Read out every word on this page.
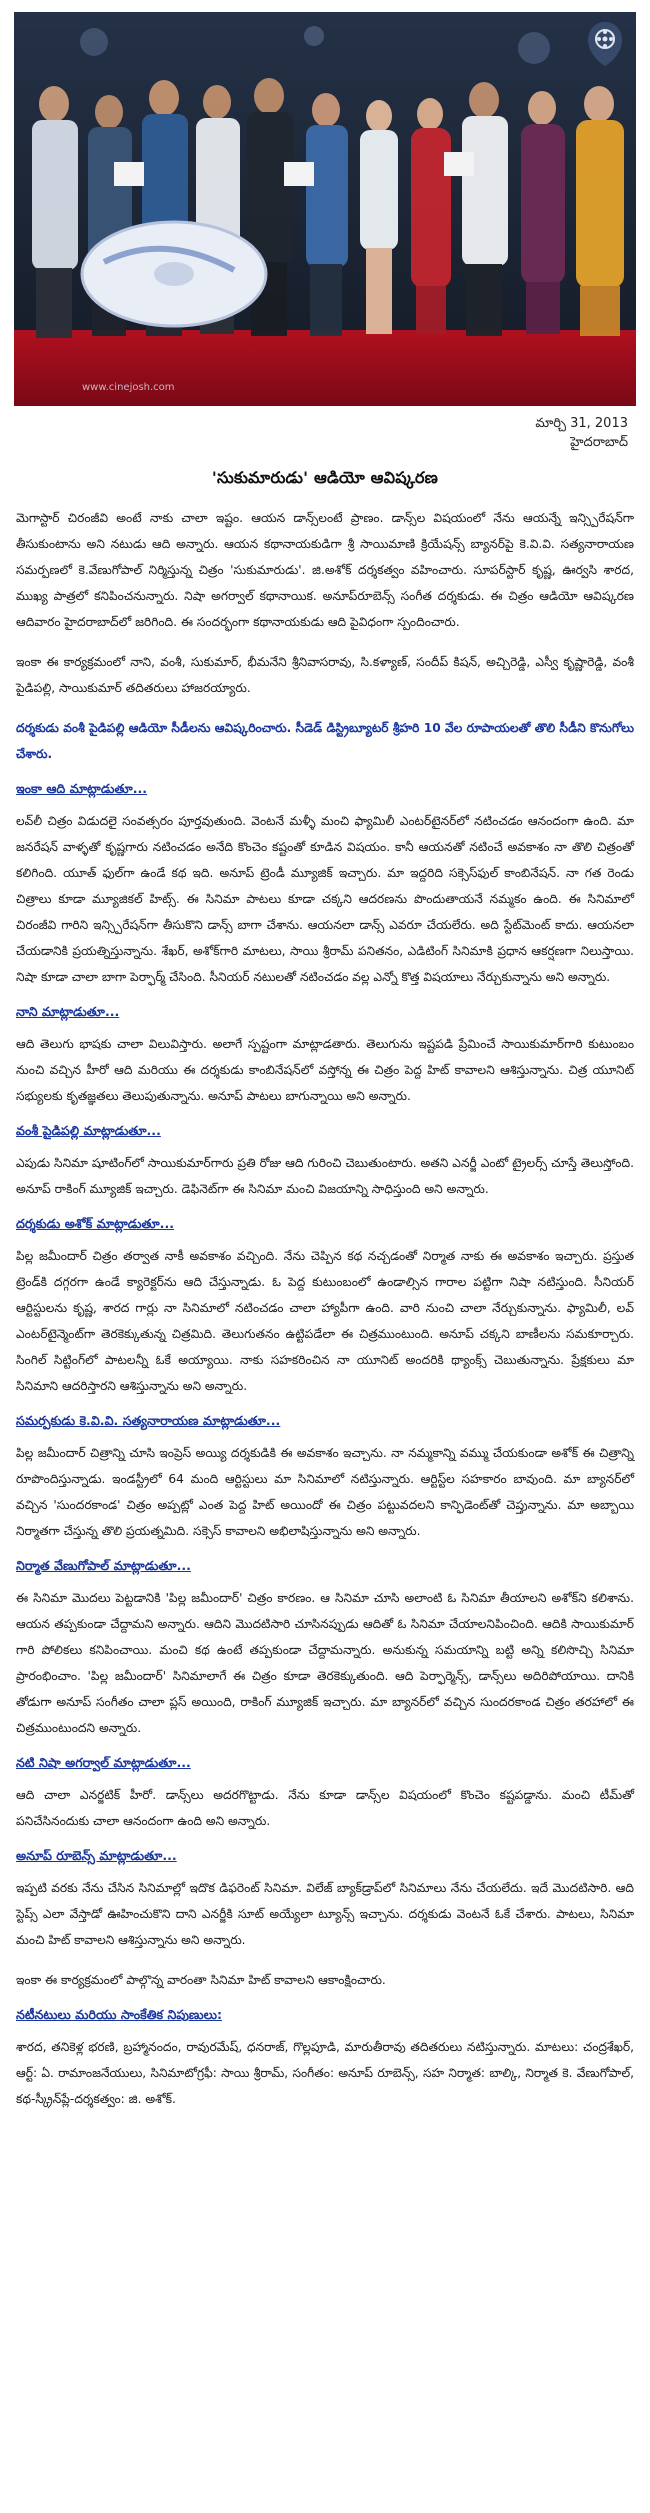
www.cinejosh.com
మార్చి 31, 2013
హైదరాబాద్
'సుకుమారుడు' ఆడియో ఆవిష్కరణ

మెగాస్టార్ చిరంజీవి అంటే నాకు చాలా ఇష్టం. ఆయన డాన్స్‌లంటే ప్రాణం. డాన్స్‌ల విషయంలో నేను ఆయన్నే ఇన్స్పిరేషన్‌గా తీసుకుంటాను అని నటుడు ఆది అన్నారు. ఆయన కథానాయకుడిగా శ్రీ సాయిమాణి క్రియేషన్స్ బ్యానర్‌పై కె.వి.వి. సత్యనారాయణ సమర్పణలో కె.వేణుగోపాల్ నిర్మిస్తున్న చిత్రం 'సుకుమారుడు'. జి.అశోక్ దర్శకత్వం వహించారు. సూపర్‌స్టార్ కృష్ణ, ఊర్వసి శారద, ముఖ్య పాత్రలో కనిపించనున్నారు. నిషా అగర్వాల్ కథానాయిక. అనూప్‌రూబెన్స్ సంగీత దర్శకుడు. ఈ చిత్రం ఆడియో ఆవిష్కరణ ఆదివారం హైదరాబాద్‌లో జరిగింది. ఈ సందర్భంగా కథానాయకుడు ఆది పైవిధంగా స్పందించారు.

ఇంకా ఈ కార్యక్రమంలో నాని, వంశీ, సుకుమార్, భీమనేని శ్రీనివాసరావు, సి.కళ్యాణ్, సందీప్ కిషన్, అచ్చిరెడ్డి, ఎస్వీ కృష్ణారెడ్డి, వంశీ పైడిపల్లి, సాయికుమార్ తదితరులు హాజరయ్యారు.

దర్శకుడు వంశీ పైడిపల్లి ఆడియో సీడీలను ఆవిష్కరించారు. సీడెడ్ డిస్ట్రిబ్యూటర్ శ్రీహరి 10 వేల రూపాయలతో తొలి సీడీని కొనుగోలు చేశారు.

ఇంకా ఆది మాట్లాడుతూ...

లవ్‌లీ చిత్రం విడుదలై సంవత్సరం పూర్తవుతుంది. వెంటనే మళ్ళీ మంచి ఫ్యామిలీ ఎంటర్‌టైనర్‌లో నటించడం ఆనందంగా ఉంది. మా జనరేషన్ వాళ్ళతో కృష్ణగారు నటించడం అనేది కొంచెం కష్టంతో కూడిన విషయం. కానీ ఆయనతో నటించే అవకాశం నా తొలి చిత్రంతో కలిగింది. యూత్ ఫుల్‌గా ఉండే కథ ఇది. అనూప్ ట్రెండీ మ్యూజిక్ ఇచ్చారు. మా ఇద్దరిది సక్సెస్‌ఫుల్ కాంబినేషన్. నా గత రెండు చిత్రాలు కూడా మ్యూజికల్ హిట్స్. ఈ సినిమా పాటలు కూడా చక్కని ఆదరణను పొందుతాయనే నమ్మకం ఉంది. ఈ సినిమాలో చిరంజీవి గారిని ఇన్స్పిరేషన్‌గా తీసుకొని డాన్స్ బాగా చేశాను. ఆయనలా డాన్స్ ఎవరూ చేయలేరు. అది స్టేట్‌మెంట్ కాదు. ఆయనలా చేయడానికి ప్రయత్నిస్తున్నాను. శేఖర్, అశోక్‌గారి మాటలు, సాయి శ్రీరామ్ పనితనం, ఎడిటింగ్ సినిమాకి ప్రధాన ఆకర్షణగా నిలుస్తాయి. నిషా కూడా చాలా బాగా పెర్ఫార్మ్ చేసింది. సీనియర్ నటులతో నటించడం వల్ల ఎన్నో కొత్త విషయాలు నేర్చుకున్నాను అని అన్నారు.

నాని మాట్లాడుతూ...

ఆది తెలుగు భాషకు చాలా విలువిస్తారు. అలాగే స్పష్టంగా మాట్లాడతారు. తెలుగును ఇష్టపడి ప్రేమించే సాయికుమార్‌గారి కుటుంబం నుంచి వచ్చిన హీరో ఆది మరియు ఈ దర్శకుడు కాంబినేషన్‌లో వస్తోన్న ఈ చిత్రం పెద్ద హిట్ కావాలని ఆశిస్తున్నాను. చిత్ర యూనిట్ సభ్యులకు కృతజ్ఞతలు తెలుపుతున్నాను. అనూప్ పాటలు బాగున్నాయి అని అన్నారు.

వంశీ పైడిపల్లి మాట్లాడుతూ...

ఎపుడు సినిమా షూటింగ్‌లో సాయికుమార్‌గారు ప్రతి రోజు ఆది గురించి చెబుతుంటారు. అతని ఎనర్జీ ఎంటో ట్రైలర్స్ చూస్తే తెలుస్తోంది. అనూప్ రాకింగ్ మ్యూజిక్ ఇచ్చారు. డెఫినెట్‌గా ఈ సినిమా మంచి విజయాన్ని సాధిస్తుంది అని అన్నారు.

దర్శకుడు అశోక్ మాట్లాడుతూ...

పిల్ల జమీందార్ చిత్రం తర్వాత నాకీ అవకాశం వచ్చింది. నేను చెప్పిన కథ నచ్చడంతో నిర్మాత నాకు ఈ అవకాశం ఇచ్చారు. ప్రస్తుత ట్రెండ్‌కి దగ్గరగా ఉండే క్యారెక్టర్‌ను ఆది చేస్తున్నాడు. ఓ పెద్ద కుటుంబంలో ఉండాల్సిన గారాల పట్టిగా నిషా నటిస్తుంది. సీనియర్ ఆర్టిస్టులను కృష్ణ, శారద గార్లు నా సినిమాలో నటించడం చాలా హ్యాపీగా ఉంది. వారి నుంచి చాలా నేర్చుకున్నాను. ఫ్యామిలీ, లవ్ ఎంటర్‌టైన్మెంట్‌గా తెరకెక్కుతున్న చిత్రమిది. తెలుగుతనం ఉట్టిపడేలా ఈ చిత్రముంటుంది. అనూప్ చక్కని బాణీలను సమకూర్చారు. సింగిల్ సిట్టింగ్‌లో పాటలన్నీ ఓకే అయ్యాయి. నాకు సహకరించిన నా యూనిట్ అందరికి థ్యాంక్స్ చెబుతున్నాను. ప్రేక్షకులు మా సినిమాని ఆదరిస్తారని ఆశిస్తున్నాను అని అన్నారు.

సమర్పకుడు కె.వి.వి. సత్యనారాయణ మాట్లాడుతూ...

పిల్ల జమీందార్ చిత్రాన్ని చూసి ఇంప్రెస్ అయ్యి దర్శకుడికి ఈ అవకాశం ఇచ్చాను. నా నమ్మకాన్ని వమ్ము చేయకుండా అశోక్ ఈ చిత్రాన్ని రూపొందిస్తున్నాడు. ఇండస్ట్రీలో 64 మంది ఆర్టిస్టులు మా సినిమాలో నటిస్తున్నారు. ఆర్టిస్ట్‌ల సహకారం బావుంది. మా బ్యానర్‌లో వచ్చిన 'సుందరకాండ' చిత్రం అప్పట్లో ఎంత పెద్ద హిట్ అయిందో ఈ చిత్రం పట్టువదలని కాన్ఫిడెంట్‌తో చెప్తున్నాను. మా అబ్బాయి నిర్మాతగా చేస్తున్న తొలి ప్రయత్నమిది. సక్సెస్ కావాలని అభిలాషిస్తున్నాను అని అన్నారు.

నిర్మాత వేణుగోపాల్ మాట్లాడుతూ...

ఈ సినిమా మొదలు పెట్టడానికి 'పిల్ల జమీందార్' చిత్రం కారణం. ఆ సినిమా చూసి అలాంటి ఓ సినిమా తీయాలని అశోక్‌ని కలిశాను. ఆయన తప్పకుండా చేద్దామని అన్నారు. ఆదిని మొదటిసారి చూసినప్పుడు ఆదితో ఓ సినిమా చేయాలనిపించింది. ఆదికి సాయికుమార్ గారి పోలికలు కనిపించాయి. మంచి కథ ఉంటే తప్పకుండా చేద్దామన్నారు. అనుకున్న సమయాన్ని బట్టి అన్ని కలిసొచ్చి సినిమా ప్రారంభించాం. 'పిల్ల జమీందార్' సినిమాలాగే ఈ చిత్రం కూడా తెరకెక్కుతుంది. ఆది పెర్ఫార్మెన్స్, డాన్స్‌లు అదిరిపోయాయి. దానికి తోడుగా అనూప్ సంగీతం చాలా ప్లస్ అయింది, రాకింగ్ మ్యూజిక్ ఇచ్చారు. మా బ్యానర్‌లో వచ్చిన సుందరకాండ చిత్రం తరహాలో ఈ చిత్రముంటుందని అన్నారు.

నటి నిషా అగర్వాల్ మాట్లాడుతూ...

ఆది చాలా ఎనర్జటిక్ హీరో. డాన్స్‌లు అదరగొట్టాడు. నేను కూడా డాన్స్‌ల విషయంలో కొంచెం కష్టపడ్డాను. మంచి టీమ్‌తో పనిచేసినందుకు చాలా ఆనందంగా ఉంది అని అన్నారు.

అనూప్ రూబెన్స్ మాట్లాడుతూ...

ఇప్పటి వరకు నేను చేసిన సినిమాల్లో ఇదొక డిఫరెంట్ సినిమా. విలేజ్ బ్యాక్‌డ్రాప్‌లో సినిమాలు నేను చేయలేదు. ఇదే మొదటిసారి. ఆది స్టెప్స్ ఎలా వేస్తాడో ఊహించుకొని దాని ఎనర్జీకి సూట్ అయ్యేలా ట్యూన్స్ ఇచ్చాను. దర్శకుడు వెంటనే ఓకే చేశారు. పాటలు, సినిమా మంచి హిట్ కావాలని ఆశిస్తున్నాను అని అన్నారు.

ఇంకా ఈ కార్యక్రమంలో పాల్గొన్న వారంతా సినిమా హిట్ కావాలని ఆకాంక్షించారు.

నటీనటులు మరియు సాంకేతిక నిపుణులు:

శారద, తనికెళ్ల భరణి, బ్రహ్మానందం, రావురమేష్, ధనరాజ్, గొల్లపూడి, మారుతీరావు తదితరులు నటిస్తున్నారు. మాటలు: చంద్రశేఖర్, ఆర్ట్: ఏ. రామాంజనేయులు, సినిమాటోగ్రఫీ: సాయి శ్రీరామ్, సంగీతం: అనూప్ రూబెన్స్, సహ నిర్మాత: బాల్కి, నిర్మాత కె. వేణుగోపాల్, కథ-స్క్రీన్‌ప్లే-దర్శకత్వం: జి. అశోక్.
